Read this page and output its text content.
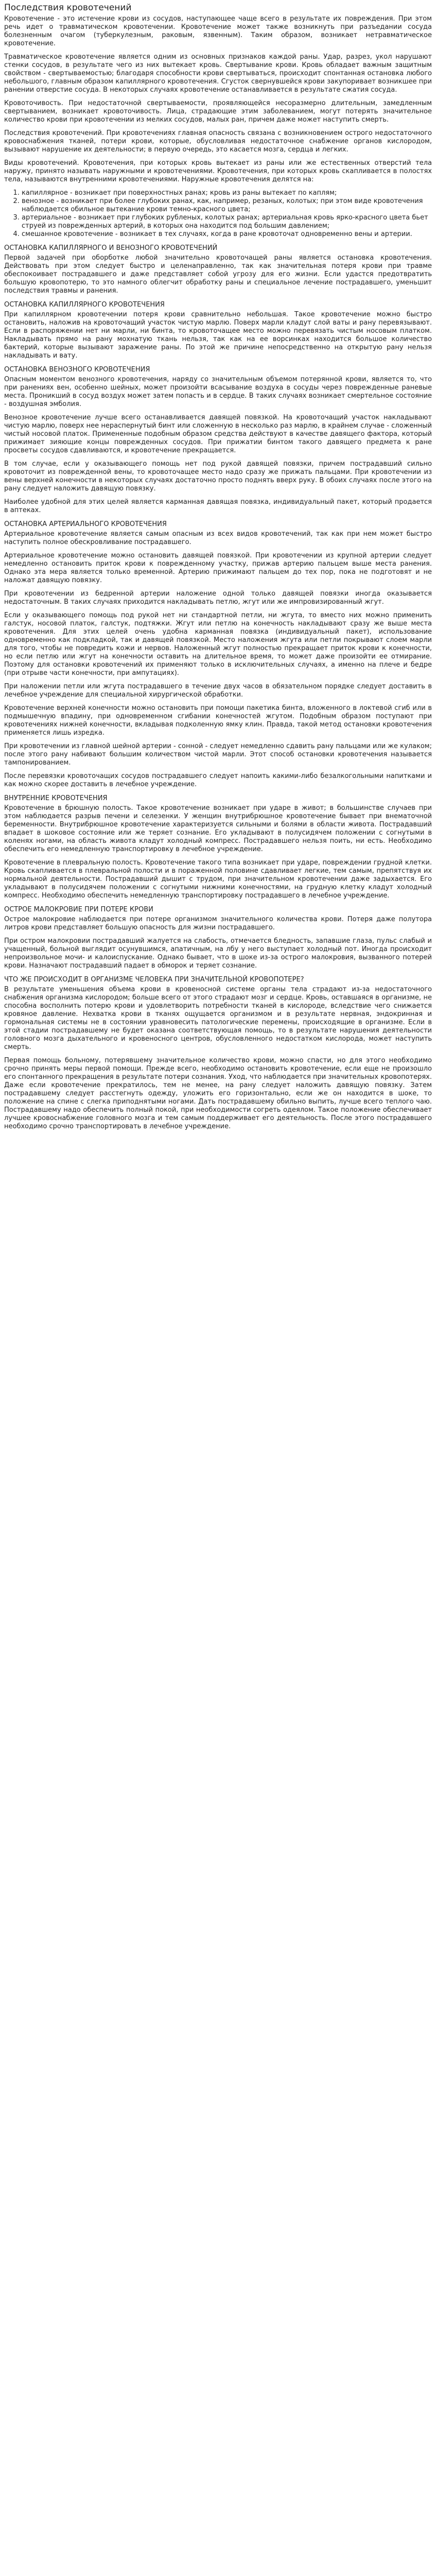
Последствия кровотечений

Кровотечение - это истечение крови из сосудов, наступающее чаще всего в результате их повреждения. При этом речь идет о травматическом кровотечении. Кровотечение может также возникнуть при разъедании сосуда болезненным очагом (туберкулезным, раковым, язвенным). Таким образом, возникает нетравматическое кровотечение.

Травматическое кровотечение является одним из основных признаков каждой раны. Удар, разрез, укол нарушают стенки сосудов, в результате чего из них вытекает кровь. Свертывание крови. Кровь обладает важным защитным свойством - свертываемостью; благодаря способности крови свертываться, происходит спонтанная остановка любого небольшого, главным образом капиллярного кровотечения. Сгусток свернувшейся крови закупоривает возникшее при ранении отверстие сосуда. В некоторых случаях кровотечение останавливается в результате сжатия сосуда.

Кровоточивость. При недостаточной свертываемости, проявляющейся несоразмерно длительным, замедленным свертыванием, возникает кровоточивость. Лица, страдающие этим заболеванием, могут потерять значительное количество крови при кровотечении из мелких сосудов, малых ран, причем даже может наступить смерть.

Последствия кровотечений. При кровотечениях главная опасность связана с возникновением острого недостаточного кровоснабжения тканей, потери крови, которые, обусловливая недостаточное снабжение органов кислородом, вызывают нарушение их деятельности; в первую очередь, это касается мозга, сердца и легких.

Виды кровотечений. Кровотечения, при которых кровь вытекает из раны или же естественных отверстий тела наружу, принято называть наружными и кровотечениями. Кровотечения, при которых кровь скапливается в полостях тела, называются внутренними кровотечениями. Наружные кровотечения делятся на:

1. капиллярное - возникает при поверхностных ранах; кровь из раны вытекает по каплям;
2. венозное - возникает при более глубоких ранах, как, например, резаных, колотых; при этом виде кровотечения наблюдается обильное вытекание крови темно-красного цвета;
3. артериальное - возникает при глубоких рубленых, колотых ранах; артериальная кровь ярко-красного цвета бьет струей из поврежденных артерий, в которых она находится под большим давлением;
4. смешанное кровотечение - возникает в тех случаях, когда в ране кровоточат одновременно вены и артерии.
ОСТАНОВКА КАПИЛЛЯРНОГО И ВЕНОЗНОГО КРОВОТЕЧЕНИЙ

Первой задачей при оборботке любой значительно кровоточащей раны является остановка кровотечения. Действовать при этом следует быстро и целенаправленно, так как значительная потеря крови при травме обеспокоивает пострадавшего и даже представляет собой угрозу для его жизни. Если удастся предотвратить большую кровопотерю, то это намного облегчит обработку раны и специальное лечение пострадавшего, уменьшит последствия травмы и ранения.

ОСТАНОВКА КАПИЛЛЯРНОГО КРОВОТЕЧЕНИЯ

При капиллярном кровотечении потеря крови сравнительно небольшая. Такое кровотечение можно быстро остановить, наложив на кровоточащий участок чистую марлю. Поверх марли кладут слой ваты и рану перевязывают. Если в распоряжении нет ни марли, ни бинта, то кровоточащее место можно перевязать чистым носовым платком. Накладывать прямо на рану мохнатую ткань нельзя, так как на ее ворсинках находится большое количество бактерий, которые вызывают заражение раны. По этой же причине непосредственно на открытую рану нельзя накладывать и вату.

ОСТАНОВКА ВЕНОЗНОГО КРОВОТЕЧЕНИЯ

Опасным моментом венозного кровотечения, наряду со значительным объемом потерянной крови, является то, что при ранениях вен, особенно шейных, может произойти всасывание воздуха в сосуды через поврежденные раневые места. Проникший в сосуд воздух может затем попасть и в сердце. В таких случаях возникает смертельное состояние - воздушная эмболия.

Венозное кровотечение лучше всего останавливается давящей повязкой. На кровоточащий участок накладывают чистую марлю, поверх нее нераспернутый бинт или сложенную в несколько раз марлю, в крайнем случае - сложенный чистый носовой платок. Примененные подобным образом средства действуют в качестве давящего фактора, который прижимает зияющие концы поврежденных сосудов. При прижатии бинтом такого давящего предмета к ране просветы сосудов сдавливаются, и кровотечение прекращается.

В том случае, если у оказывающего помощь нет под рукой давящей повязки, причем пострадавший сильно кровоточит из поврежденной вены, то кровоточащее место надо сразу же прижать пальцами. При кровотечении из вены верхней конечности в некоторых случаях достаточно просто поднять вверх руку. В обоих случаях после этого на рану следует наложить давящую повязку.

Наиболее удобной для этих целей является карманная давящая повязка, индивидуальный пакет, который продается в аптеках.

ОСТАНОВКА АРТЕРИАЛЬНОГО КРОВОТЕЧЕНИЯ

Артериальное кровотечение является самым опасным из всех видов кровотечений, так как при нем может быстро наступить полное обескровливание пострадавшего.

Артериальное кровотечение можно остановить давящей повязкой. При кровотечении из крупной артерии следует немедленно остановить приток крови к поврежденному участку, прижав артерию пальцем выше места ранения. Однако эта мера является только временной. Артерию прижимают пальцем до тех пор, пока не подготовят и не наложат давящую повязку.

При кровотечении из бедренной артерии наложение одной только давящей повязки иногда оказывается недостаточным. В таких случаях приходится накладывать петлю, жгут или же импровизированный жгут.

Если у оказывающего помощь под рукой нет ни стандартной петли, ни жгута, то вместо них можно применить галстук, носовой платок, галстук, подтяжки. Жгут или петлю на конечность накладывают сразу же выше места кровотечения. Для этих целей очень удобна карманная повязка (индивидуальный пакет), использование одновременно как подкладкой, так и давящей повязкой. Место наложения жгута или петли покрывают слоем марли для того, чтобы не повредить кожи и нервов. Наложенный жгут полностью прекращает приток крови к конечности, но если петлю или жгут на конечности оставить на длительное время, то может даже произойти ее отмирание. Поэтому для остановки кровотечений их применяют только в исключительных случаях, а именно на плече и бедре (при отрыве части конечности, при ампутациях).

При наложении петли или жгута пострадавшего в течение двух часов в обязательном порядке следует доставить в лечебное учреждение для специальной хирургической обработки.

Кровотечение верхней конечности можно остановить при помощи пакетика бинта, вложенного в локтевой сгиб или в подмышечную впадину, при одновременном сгибании конечностей жгутом. Подобным образом поступают при кровотечениях нижней конечности, вкладывая подколенную ямку клин. Правда, такой метод остановки кровотечения применяется лишь изредка.

При кровотечении из главной шейной артерии - сонной - следует немедленно сдавить рану пальцами или же кулаком; после этого рану набивают большим количеством чистой марли. Этот способ остановки кровотечения называется тампонированием.

После перевязки кровоточащих сосудов пострадавшего следует напоить какими-либо безалкогольными напитками и как можно скорее доставить в лечебное учреждение.

ВНУТРЕННИЕ КРОВОТЕЧЕНИЯ

Кровотечение в брюшную полость. Такое кровотечение возникает при ударе в живот; в большинстве случаев при этом наблюдается разрыв печени и селезенки. У женщин внутрибрюшное кровотечение бывает при внематочной беременности. Внутрибрюшное кровотечение характеризуется сильными и болями в области живота. Пострадавший впадает в шоковое состояние или же теряет сознание. Его укладывают в полусидячем положении с согнутыми в коленях ногами, на область живота кладут холодный компресс. Пострадавшего нельзя поить, ни есть. Необходимо обеспечить его немедленную транспортировку в лечебное учреждение.

Кровотечение в плевральную полость. Кровотечение такого типа возникает при ударе, повреждении грудной клетки. Кровь скапливается в плевральной полости и в пораженной половине сдавливает легкие, тем самым, препятствуя их нормальной деятельности. Пострадавший дышит с трудом, при значительном кровотечении даже задыхается. Его укладывают в полусидячем положении с согнутыми нижними конечностями, на грудную клетку кладут холодный компресс. Необходимо обеспечить немедленную транспортировку пострадавшего в лечебное учреждение.

ОСТРОЕ МАЛОКРОВИЕ ПРИ ПОТЕРЕ КРОВИ

Острое малокровие наблюдается при потере организмом значительного количества крови. Потеря даже полутора литров крови представляет большую опасность для жизни пострадавшего.

При остром малокровии пострадавший жалуется на слабость, отмечается бледность, запавшие глаза, пульс слабый и учащенный, больной выглядит осунувшимся, апатичным, на лбу у него выступает холодный пот. Иногда происходит непроизвольное мочи- и калоиспускание. Однако бывает, что в шоке из-за острого малокровия, вызванного потерей крови. Назначают пострадавший падает в обморок и теряет сознание.

ЧТО ЖЕ ПРОИСХОДИТ В ОРГАНИЗМЕ ЧЕЛОВЕКА ПРИ ЗНАЧИТЕЛЬНОЙ КРОВОПОТЕРЕ?

В результате уменьшения объема крови в кровеносной системе органы тела страдают из-за недостаточного снабжения организма кислородом; больше всего от этого страдают мозг и сердце. Кровь, оставшаяся в организме, не способна восполнить потерю крови и удовлетворить потребности тканей в кислороде, вследствие чего снижается кровяное давление. Нехватка крови в тканях ощущается организмом и в результате нервная, эндокринная и гормональная системы не в состоянии уравновесить патологические перемены, происходящие в организме. Если в этой стадии пострадавшему не будет оказана соответствующая помощь, то в результате нарушения деятельности головного мозга дыхательного и кровеносного центров, обусловленного недостатком кислорода, может наступить смерть.

Первая помощь больному, потерявшему значительное количество крови, можно спасти, но для этого необходимо срочно принять меры первой помощи. Прежде всего, необходимо остановить кровотечение, если еще не произошло его спонтанного прекращения в результате потери сознания. Уход, что наблюдается при значительных кровопотерях. Даже если кровотечение прекратилось, тем не менее, на рану следует наложить давящую повязку. Затем пострадавшему следует расстегнуть одежду, уложить его горизонтально, если же он находится в шоке, то положение на спине с слегка приподнятыми ногами. Дать пострадавшему обильно выпить, лучше всего теплого чаю. Пострадавшему надо обеспечить полный покой, при необходимости согреть одеялом. Такое положение обеспечивает лучшее кровоснабжение головного мозга и тем самым поддерживает его деятельность. После этого пострадавшего необходимо срочно транспортировать в лечебное учреждение.
